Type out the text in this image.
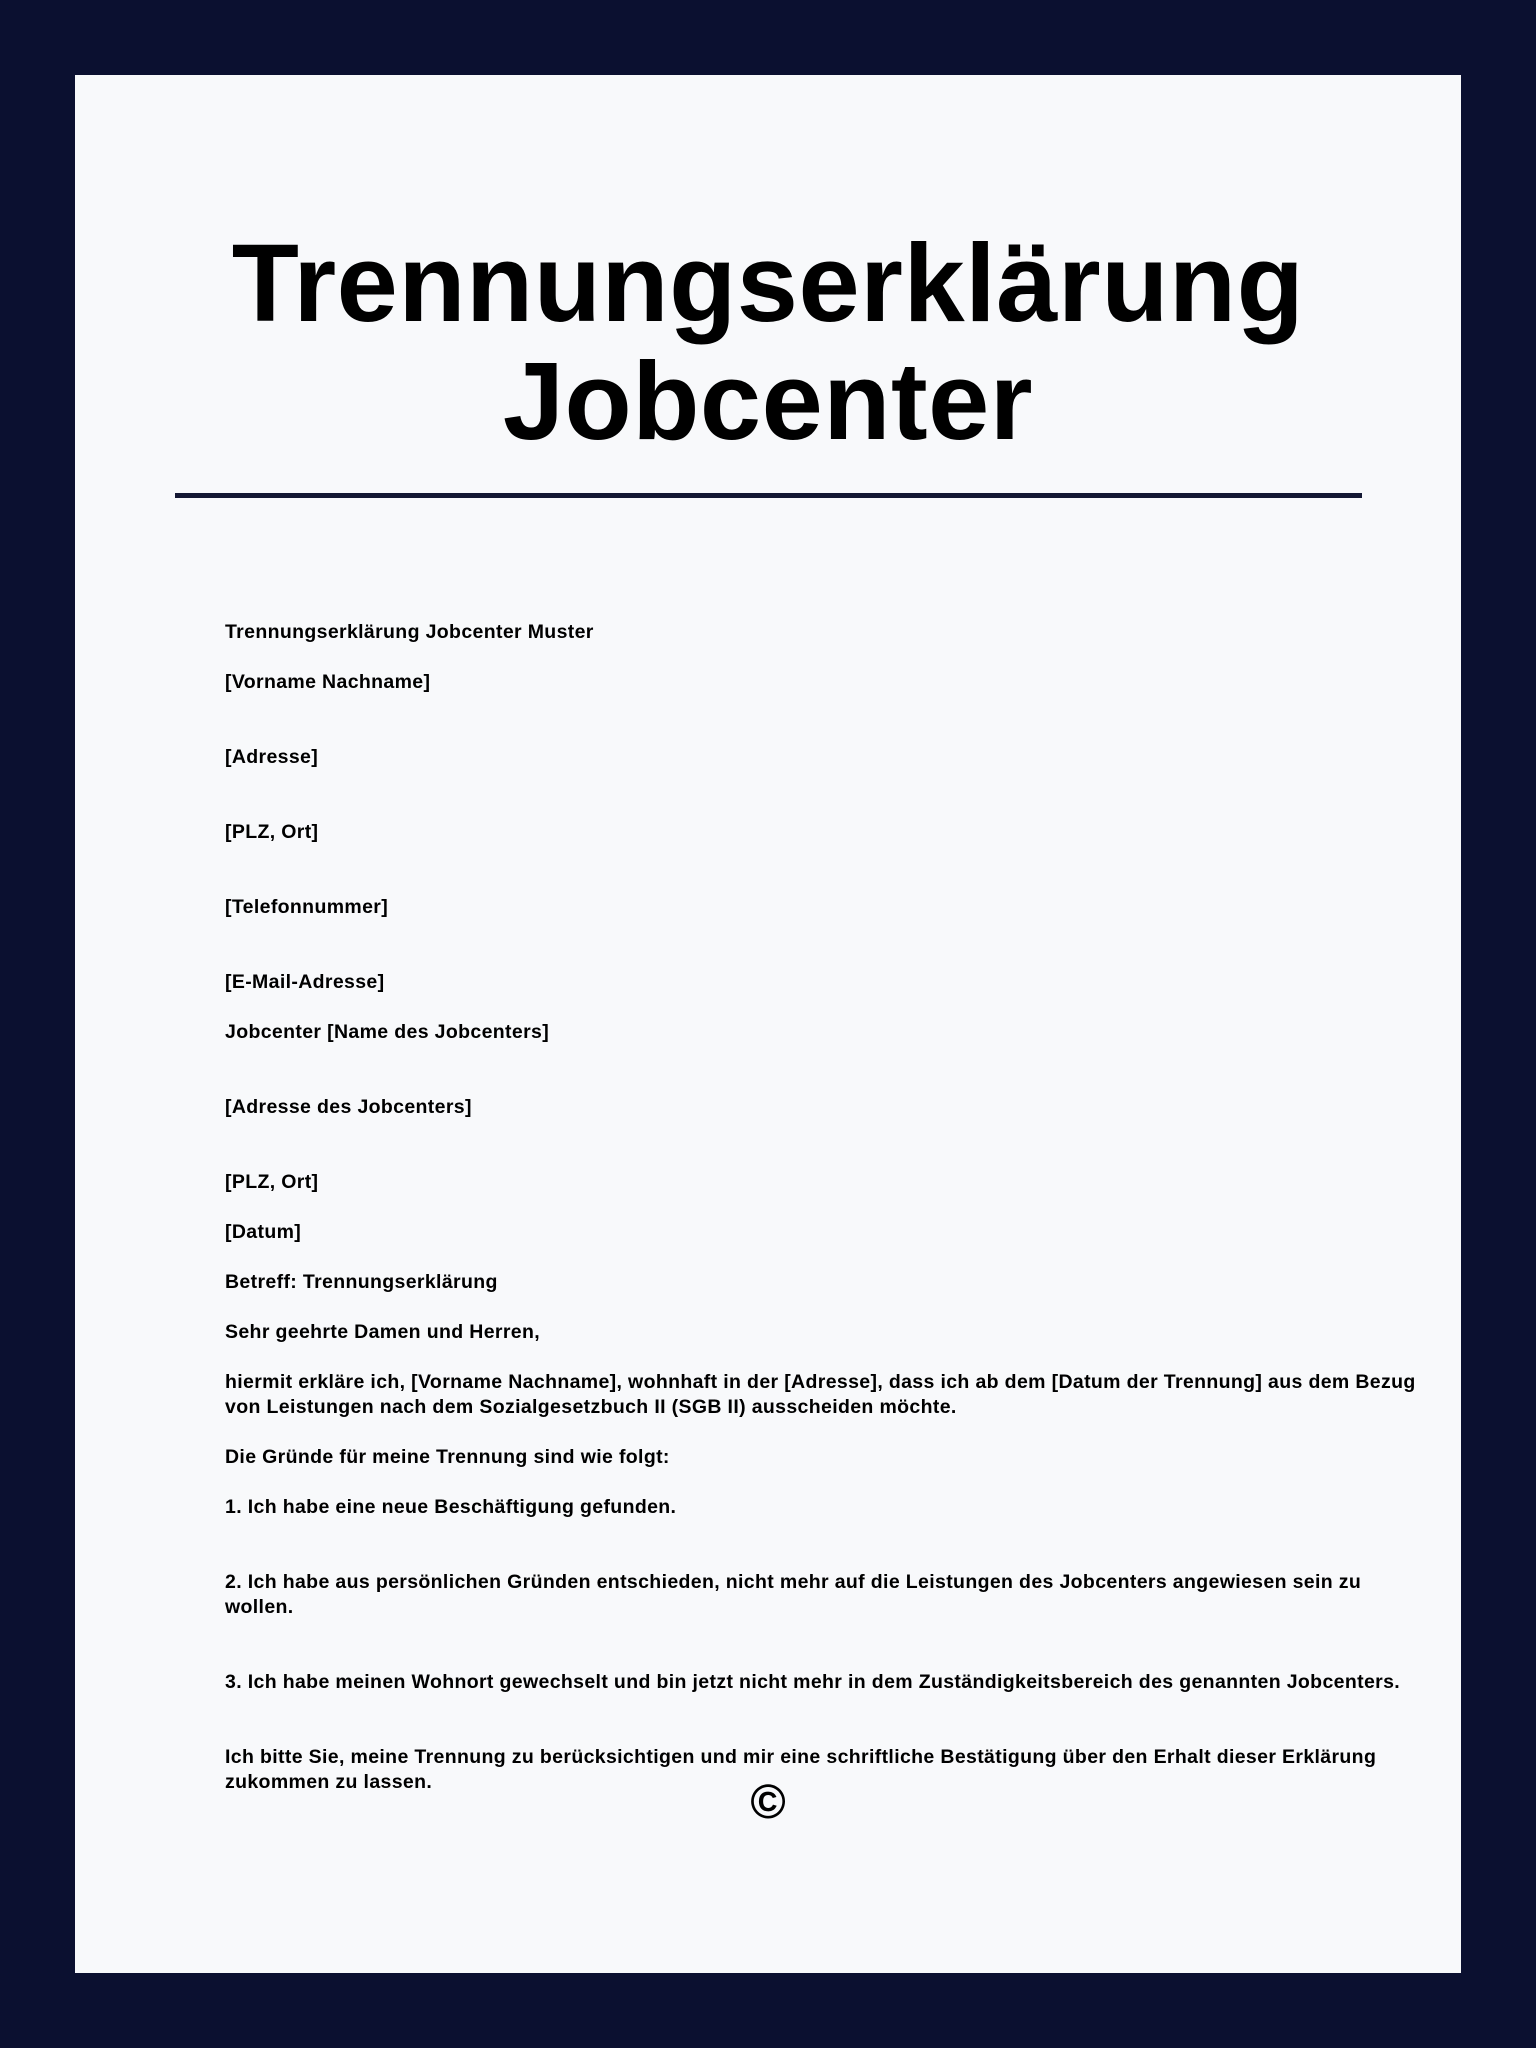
Trennungserklärung
Jobcenter

Trennungserklärung Jobcenter Muster

[Vorname Nachname]

[Adresse]

[PLZ, Ort]

[Telefonnummer]

[E-Mail-Adresse]

Jobcenter [Name des Jobcenters]

[Adresse des Jobcenters]

[PLZ, Ort]

[Datum]

Betreff: Trennungserklärung

Sehr geehrte Damen und Herren,

hiermit erkläre ich, [Vorname Nachname], wohnhaft in der [Adresse], dass ich ab dem [Datum der Trennung] aus dem Bezug von Leistungen nach dem Sozialgesetzbuch II (SGB II) ausscheiden möchte.

Die Gründe für meine Trennung sind wie folgt:

1. Ich habe eine neue Beschäftigung gefunden.

2. Ich habe aus persönlichen Gründen entschieden, nicht mehr auf die Leistungen des Jobcenters angewiesen sein zu wollen.

3. Ich habe meinen Wohnort gewechselt und bin jetzt nicht mehr in dem Zuständigkeitsbereich des genannten Jobcenters.

Ich bitte Sie, meine Trennung zu berücksichtigen und mir eine schriftliche Bestätigung über den Erhalt dieser Erklärung zukommen zu lassen.	©
